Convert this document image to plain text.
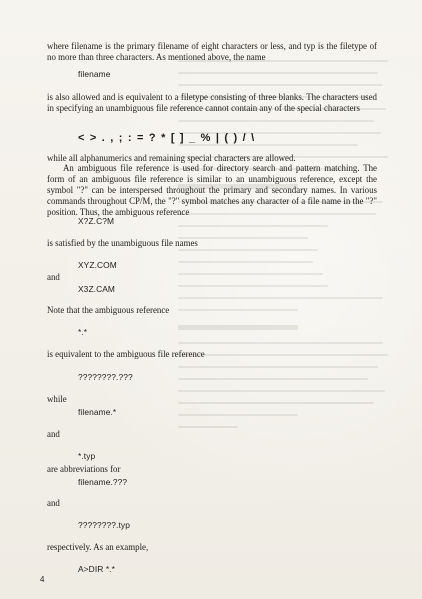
where filename is the primary filename of eight characters or less, and typ is the filetype of no more than three characters. As mentioned above, the name
filename
is also allowed and is equivalent to a filetype consisting of three blanks. The characters used in specifying an unambiguous file reference cannot contain any of the special characters
< > . , ; : = ? * [ ] _ % | ( ) / \
while all alphanumerics and remaining special characters are allowed.
An ambiguous file reference is used for directory search and pattern matching. The form of an ambiguous file reference is similar to an unambiguous reference, except the symbol "?" can be interspersed throughout the primary and secondary names. In various commands throughout CP/M, the "?" symbol matches any character of a file name in the "?" position. Thus, the ambiguous reference
X?Z.C?M
is satisfied by the unambiguous file names
XYZ.COM
and
X3Z.CAM
Note that the ambiguous reference
*.*
is equivalent to the ambiguous file reference
????????.???
while
filename.*
and
*.typ
are abbreviations for
filename.???
and
????????.typ
respectively. As an example,
A>DIR *.*
4
